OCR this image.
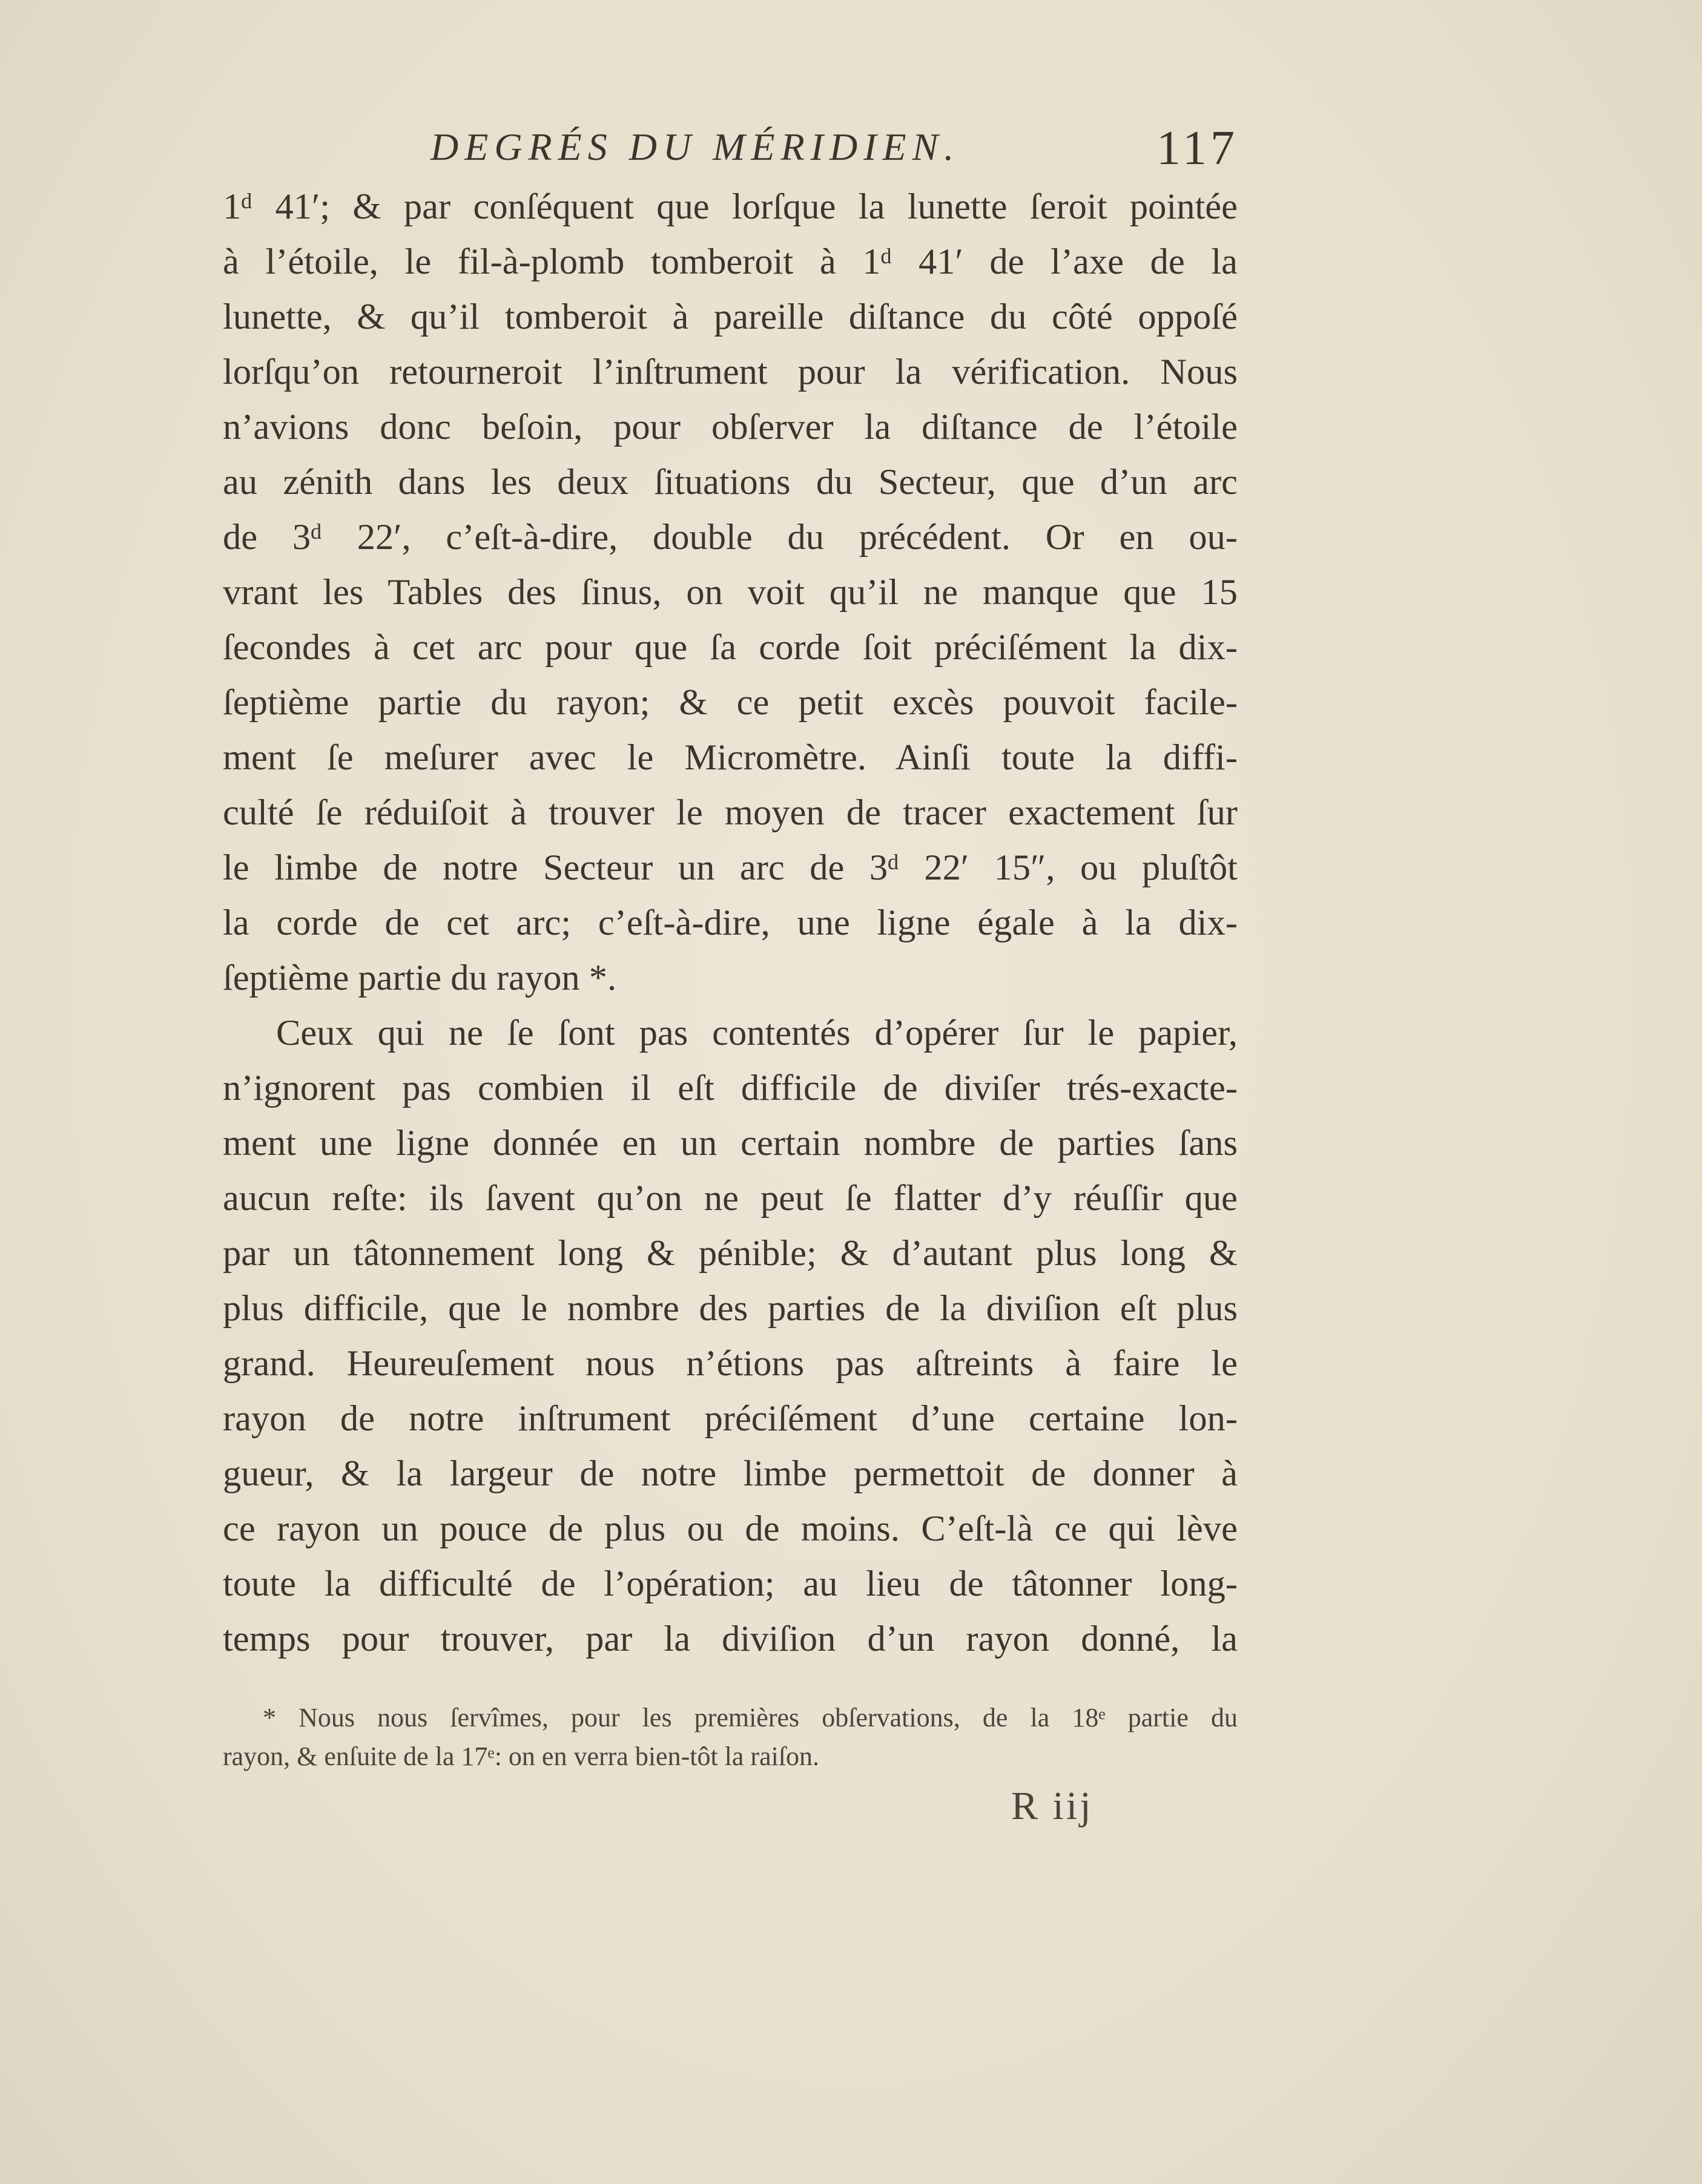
DEGRÉS DU MÉRIDIEN.	117
1ᵈ 41′; & par conſéquent que lorſque la lunette ſeroit pointée
à l’étoile, le fil-à-plomb tomberoit à 1ᵈ 41′ de l’axe de la
lunette, & qu’il tomberoit à pareille diſtance du côté oppoſé
lorſqu’on retourneroit l’inſtrument pour la vérification. Nous
n’avions donc beſoin, pour obſerver la diſtance de l’étoile
au zénith dans les deux ſituations du Secteur, que d’un arc
de 3ᵈ 22′, c’eſt-à-dire, double du précédent. Or en ou-
vrant les Tables des ſinus, on voit qu’il ne manque que 15
ſecondes à cet arc pour que ſa corde ſoit préciſément la dix-
ſeptième partie du rayon; & ce petit excès pouvoit facile-
ment ſe meſurer avec le Micromètre. Ainſi toute la diffi-
culté ſe réduiſoit à trouver le moyen de tracer exactement ſur
le limbe de notre Secteur un arc de 3ᵈ 22′ 15″, ou pluſtôt
la corde de cet arc; c’eſt-à-dire, une ligne égale à la dix-
ſeptième partie du rayon *.
Ceux qui ne ſe ſont pas contentés d’opérer ſur le papier,
n’ignorent pas combien il eſt difficile de diviſer trés-exacte-
ment une ligne donnée en un certain nombre de parties ſans
aucun reſte: ils ſavent qu’on ne peut ſe flatter d’y réuſſir que
par un tâtonnement long & pénible; & d’autant plus long &
plus difficile, que le nombre des parties de la diviſion eſt plus
grand. Heureuſement nous n’étions pas aſtreints à faire le
rayon de notre inſtrument préciſément d’une certaine lon-
gueur, & la largeur de notre limbe permettoit de donner à
ce rayon un pouce de plus ou de moins. C’eſt-là ce qui lève
toute la difficulté de l’opération; au lieu de tâtonner long-
temps pour trouver, par la diviſion d’un rayon donné, la
* Nous nous ſervîmes, pour les premières obſervations, de la 18ᵉ partie du
rayon, & enſuite de la 17ᵉ: on en verra bien-tôt la raiſon.
R iij
